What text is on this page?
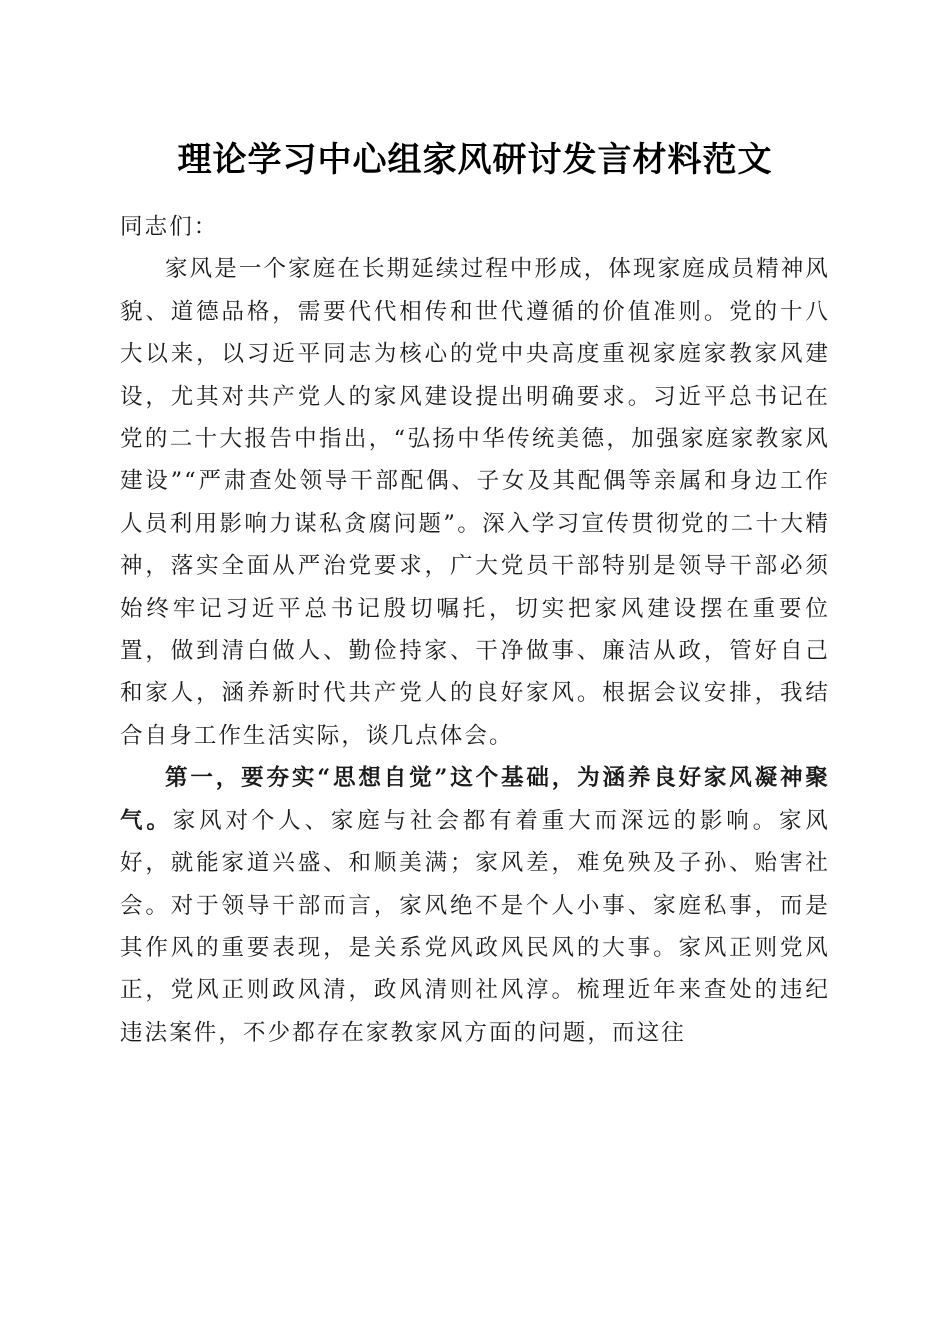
理论学习中心组家风研讨发言材料范文

同志们：

家风是一个家庭在长期延续过程中形成，体现家庭成员精神风貌、道德品格，需要代代相传和世代遵循的价值准则。党的十八大以来，以习近平同志为核心的党中央高度重视家庭家教家风建设，尤其对共产党人的家风建设提出明确要求。习近平总书记在党的二十大报告中指出，“弘扬中华传统美德，加强家庭家教家风建设”“严肃查处领导干部配偶、子女及其配偶等亲属和身边工作人员利用影响力谋私贪腐问题”。深入学习宣传贯彻党的二十大精神，落实全面从严治党要求，广大党员干部特别是领导干部必须始终牢记习近平总书记殷切嘱托，切实把家风建设摆在重要位置，做到清白做人、勤俭持家、干净做事、廉洁从政，管好自己和家人，涵养新时代共产党人的良好家风。根据会议安排，我结合自身工作生活实际，谈几点体会。

第一，要夯实“思想自觉”这个基础，为涵养良好家风凝神聚气。家风对个人、家庭与社会都有着重大而深远的影响。家风好，就能家道兴盛、和顺美满；家风差，难免殃及子孙、贻害社会。对于领导干部而言，家风绝不是个人小事、家庭私事，而是其作风的重要表现，是关系党风政风民风的大事。家风正则党风正，党风正则政风清，政风清则社风淳。梳理近年来查处的违纪违法案件，不少都存在家教家风方面的问题，而这往
